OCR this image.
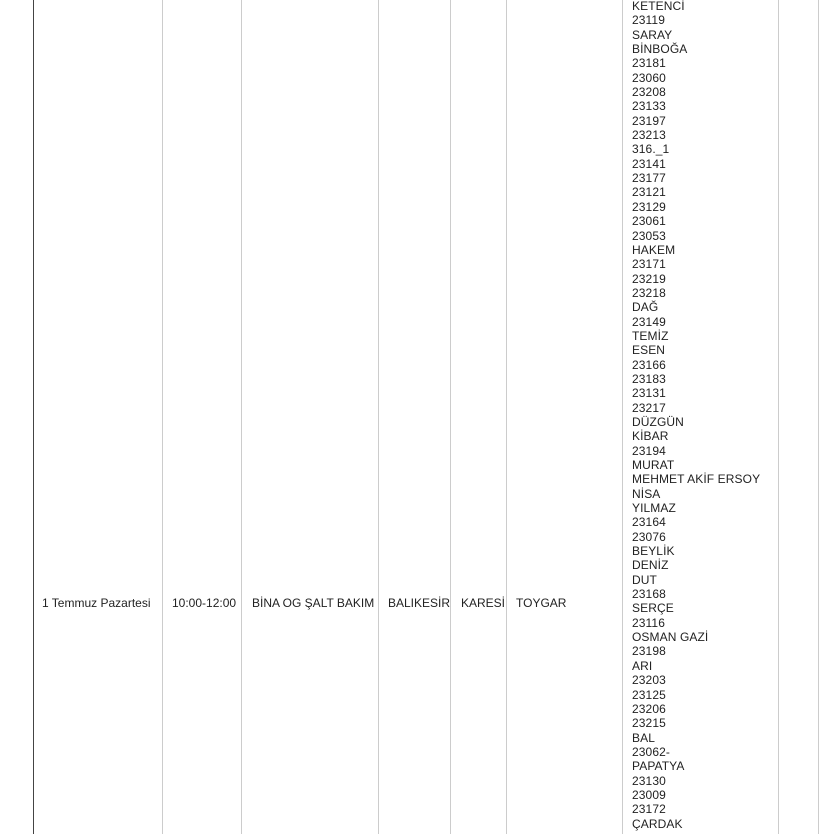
1 Temmuz Pazartesi 10:00-12:00 BİNA OG ŞALT BAKIM BALIKESİR KARESİ TOYGAR
KETENCİ
23119
SARAY
BİNBOĞA
23181
23060
23208
23133
23197
23213
316._1
23141
23177
23121
23129
23061
23053
HAKEM
23171
23219
23218
DAĞ
23149
TEMİZ
ESEN
23166
23183
23131
23217
DÜZGÜN
KİBAR
23194
MURAT
MEHMET AKİF ERSOY
NİSA
YILMAZ
23164
23076
BEYLİK
DENİZ
DUT
23168
SERÇE
23116
OSMAN GAZİ
23198
ARI
23203
23125
23206
23215
BAL
23062-
PAPATYA
23130
23009
23172
ÇARDAK
